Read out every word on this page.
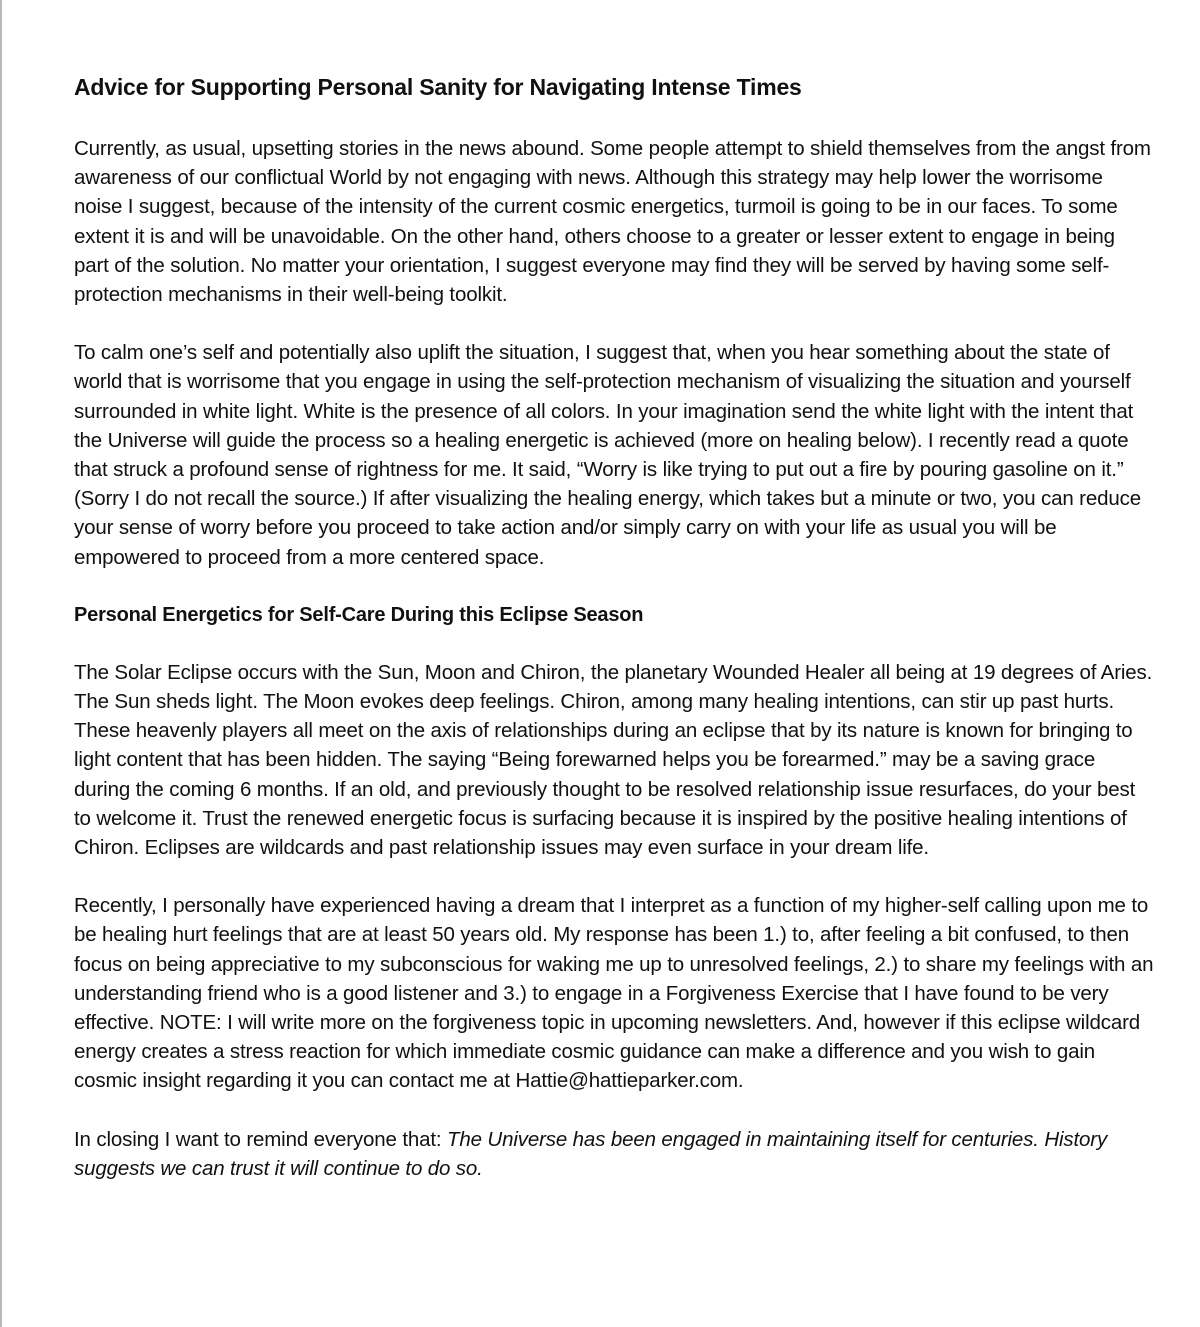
Advice for Supporting Personal Sanity for Navigating Intense Times

Currently, as usual, upsetting stories in the news abound. Some people attempt to shield themselves from the angst from awareness of our conflictual World by not engaging with news. Although this strategy may help lower the worrisome noise I suggest, because of the intensity of the current cosmic energetics, turmoil is going to be in our faces. To some extent it is and will be unavoidable. On the other hand, others choose to a greater or lesser extent to engage in being part of the solution. No matter your orientation, I suggest everyone may find they will be served by having some self-protection mechanisms in their well-being toolkit.

To calm one’s self and potentially also uplift the situation, I suggest that, when you hear something about the state of world that is worrisome that you engage in using the self-protection mechanism of visualizing the situation and yourself surrounded in white light. White is the presence of all colors. In your imagination send the white light with the intent that the Universe will guide the process so a healing energetic is achieved (more on healing below). I recently read a quote that struck a profound sense of rightness for me. It said, “Worry is like trying to put out a fire by pouring gasoline on it.” (Sorry I do not recall the source.) If after visualizing the healing energy, which takes but a minute or two, you can reduce your sense of worry before you proceed to take action and/or simply carry on with your life as usual you will be empowered to proceed from a more centered space.

Personal Energetics for Self-Care During this Eclipse Season

The Solar Eclipse occurs with the Sun, Moon and Chiron, the planetary Wounded Healer all being at 19 degrees of Aries. The Sun sheds light. The Moon evokes deep feelings. Chiron, among many healing intentions, can stir up past hurts. These heavenly players all meet on the axis of relationships during an eclipse that by its nature is known for bringing to light content that has been hidden. The saying “Being forewarned helps you be forearmed.” may be a saving grace during the coming 6 months. If an old, and previously thought to be resolved relationship issue resurfaces, do your best to welcome it. Trust the renewed energetic focus is surfacing because it is inspired by the positive healing intentions of Chiron. Eclipses are wildcards and past relationship issues may even surface in your dream life.

Recently, I personally have experienced having a dream that I interpret as a function of my higher-self calling upon me to be healing hurt feelings that are at least 50 years old. My response has been 1.) to, after feeling a bit confused, to then focus on being appreciative to my subconscious for waking me up to unresolved feelings, 2.) to share my feelings with an understanding friend who is a good listener and 3.) to engage in a Forgiveness Exercise that I have found to be very effective. NOTE: I will write more on the forgiveness topic in upcoming newsletters. And, however if this eclipse wildcard energy creates a stress reaction for which immediate cosmic guidance can make a difference and you wish to gain cosmic insight regarding it you can contact me at Hattie@hattieparker.com.

In closing I want to remind everyone that: The Universe has been engaged in maintaining itself for centuries. History suggests we can trust it will continue to do so.
